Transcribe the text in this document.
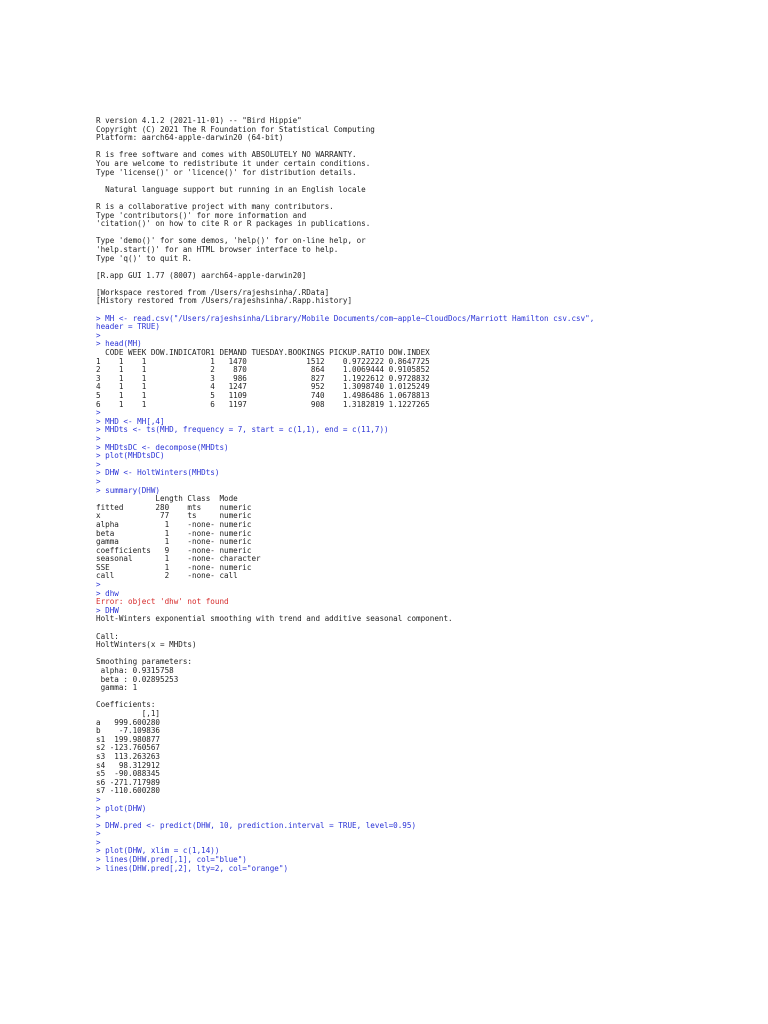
R version 4.1.2 (2021-11-01) -- "Bird Hippie"
Copyright (C) 2021 The R Foundation for Statistical Computing
Platform: aarch64-apple-darwin20 (64-bit)
R is free software and comes with ABSOLUTELY NO WARRANTY.
You are welcome to redistribute it under certain conditions.
Type 'license()' or 'licence()' for distribution details.
Natural language support but running in an English locale
R is a collaborative project with many contributors.
Type 'contributors()' for more information and
'citation()' on how to cite R or R packages in publications.
Type 'demo()' for some demos, 'help()' for on-line help, or
'help.start()' for an HTML browser interface to help.
Type 'q()' to quit R.
[R.app GUI 1.77 (8007) aarch64-apple-darwin20]
[Workspace restored from /Users/rajeshsinha/.RData]
[History restored from /Users/rajeshsinha/.Rapp.history]
> MH <- read.csv("/Users/rajeshsinha/Library/Mobile Documents/com~apple~CloudDocs/Marriott Hamilton csv.csv",
header = TRUE)
>
> head(MH)
CODE WEEK DOW.INDICATOR1 DEMAND TUESDAY.BOOKINGS PICKUP.RATIO DOW.INDEX
1    1    1              1   1470             1512    0.9722222 0.8647725
2    1    1              2    870              864    1.0069444 0.9105852
3    1    1              3    986              827    1.1922612 0.9728832
4    1    1              4   1247              952    1.3098740 1.0125249
5    1    1              5   1109              740    1.4986486 1.0678813
6    1    1              6   1197              908    1.3182819 1.1227265
>
> MHD <- MH[,4]
> MHDts <- ts(MHD, frequency = 7, start = c(1,1), end = c(11,7))
>
> MHDtsDC <- decompose(MHDts)
> plot(MHDtsDC)
>
> DHW <- HoltWinters(MHDts)
>
> summary(DHW)
Length Class  Mode
fitted       280    mts    numeric
x             77    ts     numeric
alpha          1    -none- numeric
beta           1    -none- numeric
gamma          1    -none- numeric
coefficients   9    -none- numeric
seasonal       1    -none- character
SSE            1    -none- numeric
call           2    -none- call
>
> dhw
Error: object 'dhw' not found
> DHW
Holt-Winters exponential smoothing with trend and additive seasonal component.
Call:
HoltWinters(x = MHDts)
Smoothing parameters:
alpha: 0.9315758
beta : 0.02895253
gamma: 1
Coefficients:
[,1]
a   999.600280
b    -7.109836
s1  199.980877
s2 -123.760567
s3  113.263263
s4   98.312912
s5  -90.088345
s6 -271.717989
s7 -110.600280
>
> plot(DHW)
>
> DHW.pred <- predict(DHW, 10, prediction.interval = TRUE, level=0.95)
>
>
> plot(DHW, xlim = c(1,14))
> lines(DHW.pred[,1], col="blue")
> lines(DHW.pred[,2], lty=2, col="orange")
